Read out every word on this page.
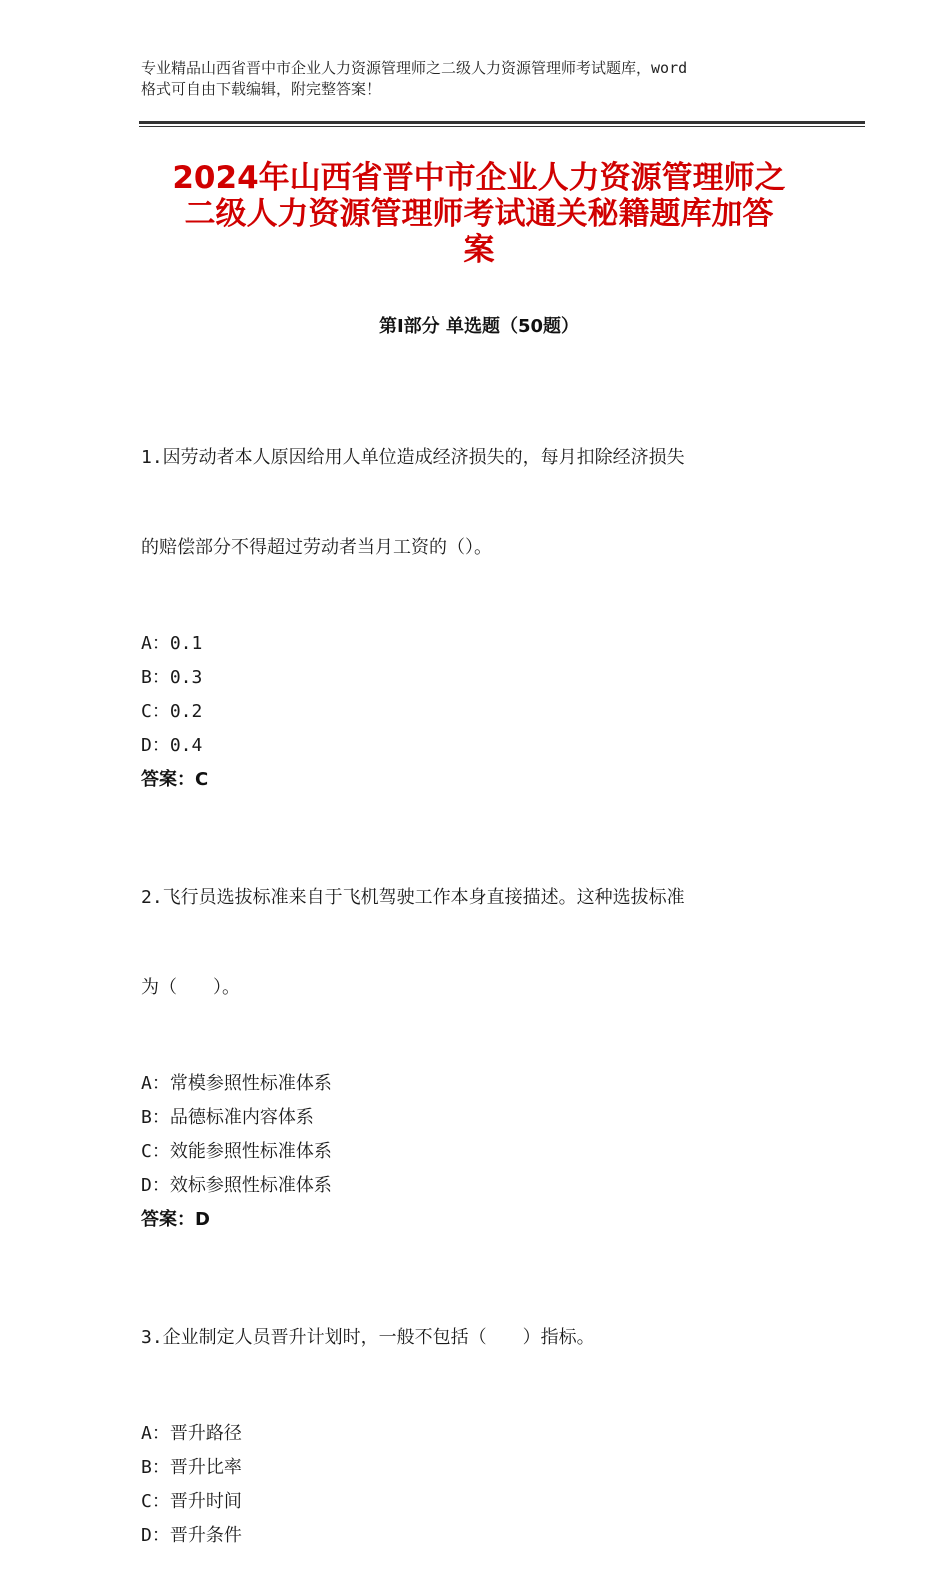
专业精品山西省晋中市企业人力资源管理师之二级人力资源管理师考试题库，word
格式可自由下载编辑，附完整答案！
2024年山西省晋中市企业人力资源管理师之
二级人力资源管理师考试通关秘籍题库加答
案
第Ⅰ部分 单选题（50题）

1.因劳动者本人原因给用人单位造成经济损失的，每月扣除经济损失

的赔偿部分不得超过劳动者当月工资的（）。

A：0.1
B：0.3
C：0.2
D：0.4
答案：C

2.飞行员选拔标准来自于飞机驾驶工作本身直接描述。这种选拔标准

为（　　）。

A：常模参照性标准体系
B：品德标准内容体系
C：效能参照性标准体系
D：效标参照性标准体系
答案：D

3.企业制定人员晋升计划时，一般不包括（　　）指标。

A：晋升路径
B：晋升比率
C：晋升时间
D：晋升条件
